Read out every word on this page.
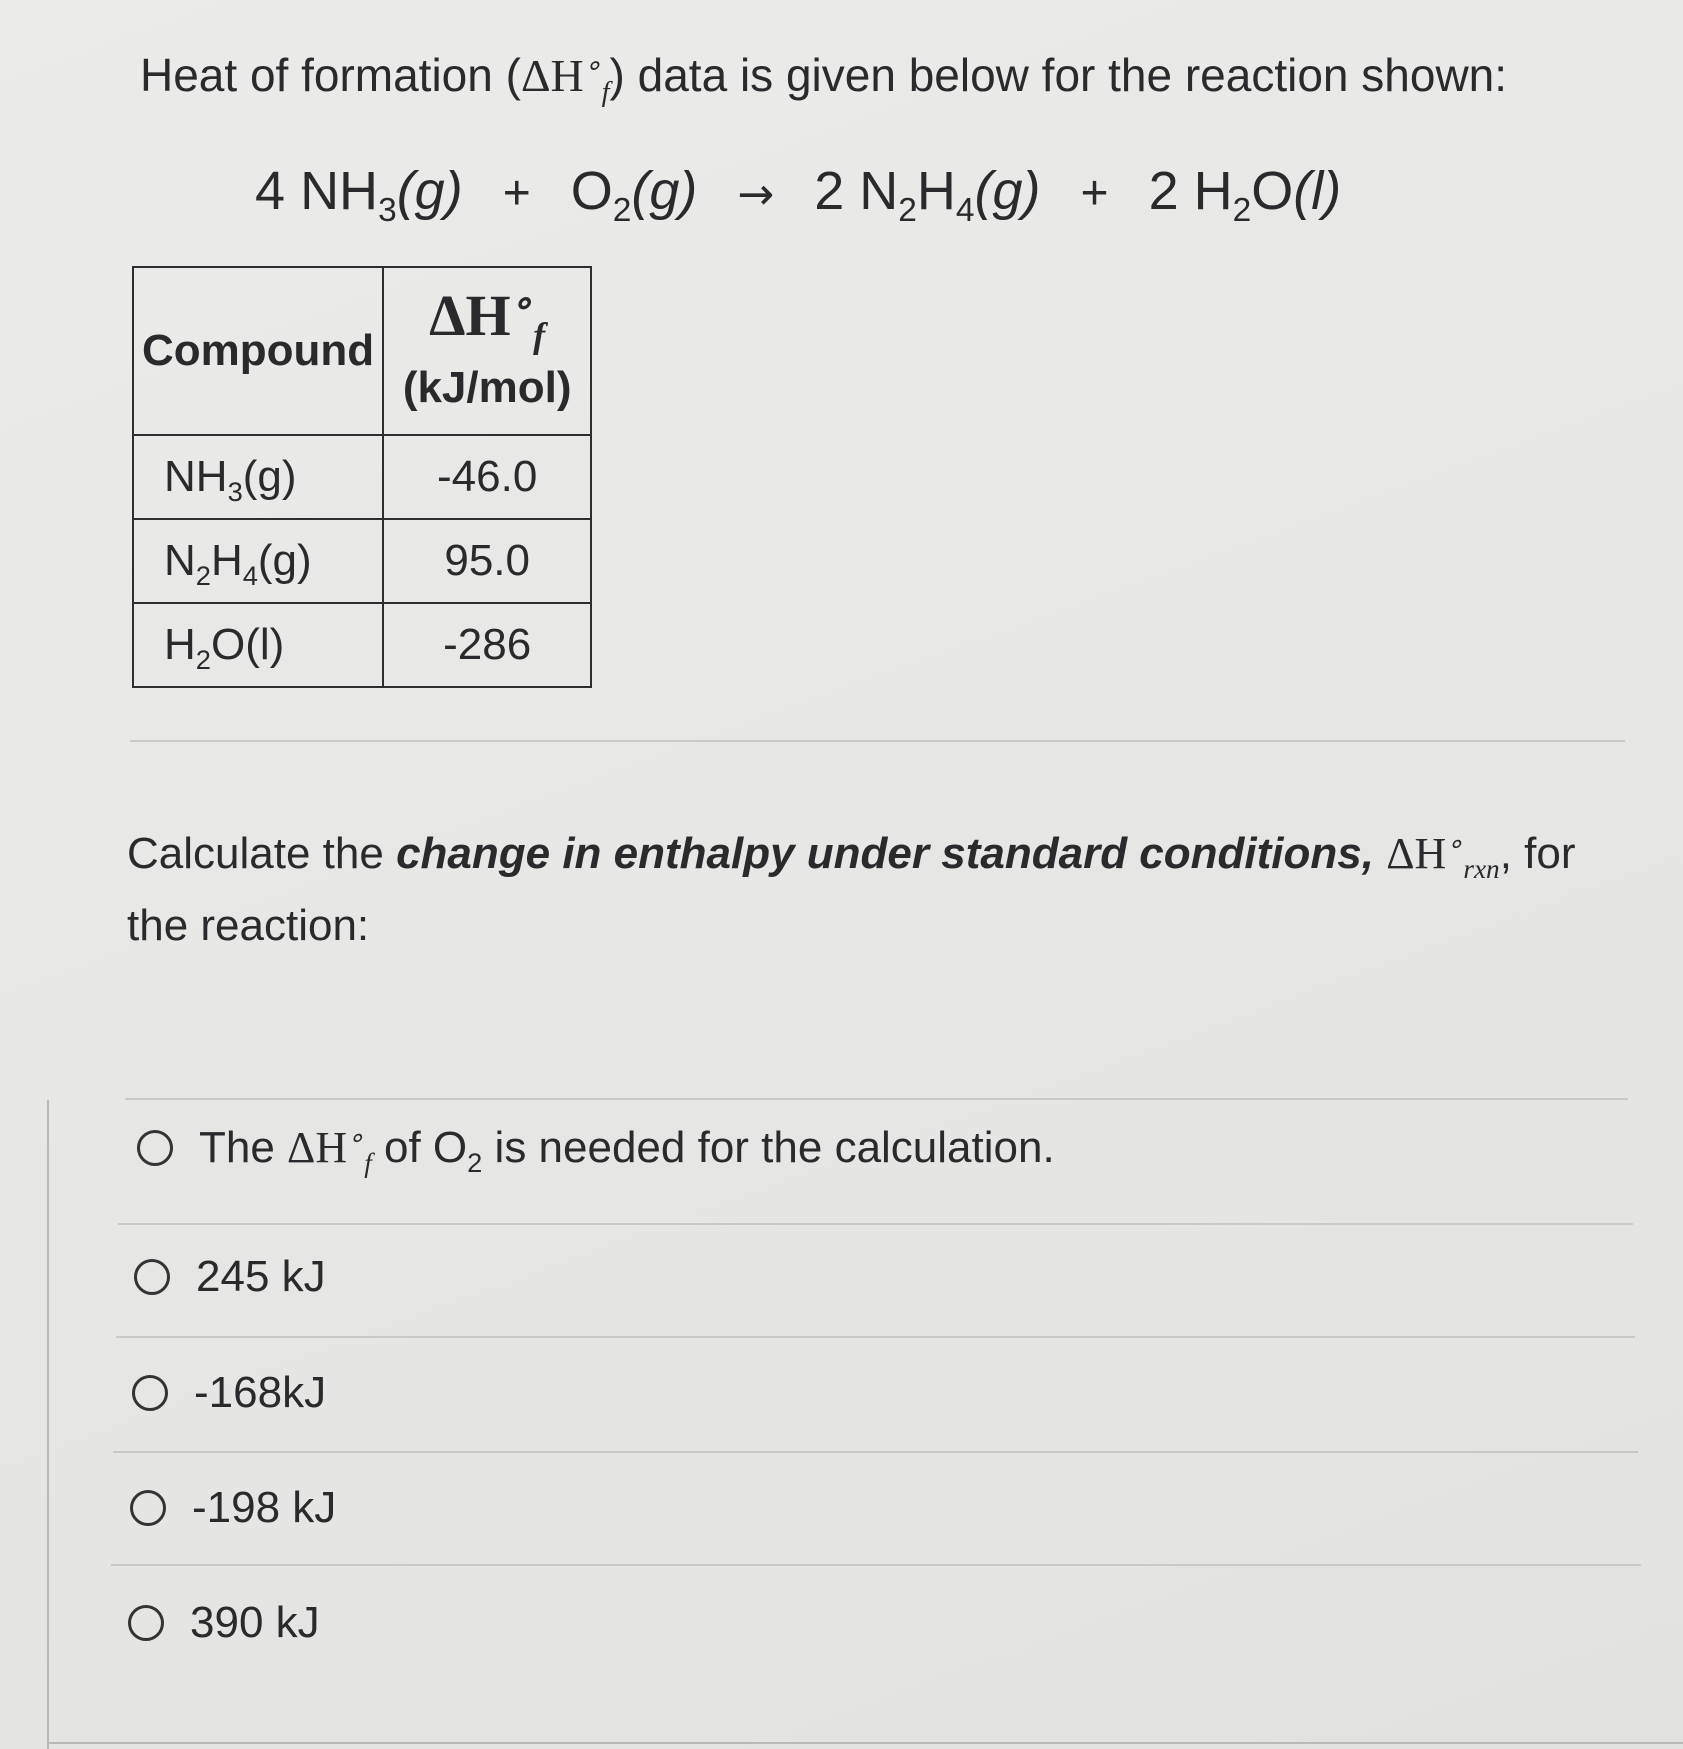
Heat of formation $(\Delta H^\circ_f)$ data is given below for the reaction shown:
4 $NH_3(g) + O_2(g) \to 2$ $N_2H_4(g) + 2$ $H_2O(l)$
Compound	$\Delta H^\circ_f$
(kJ/mol)

$NH_3(g)$	-46.0
$N_2H_4(g)$	95.0
$H_2O(l)$	-286
Calculate the change in enthalpy under standard conditions, $\Delta H^\circ_{rxn}$, for the reaction:
The $\Delta H^\circ_f$ of $O_2$ is needed for the calculation.
245 kJ
-168kJ
-198 kJ
390 kJ
